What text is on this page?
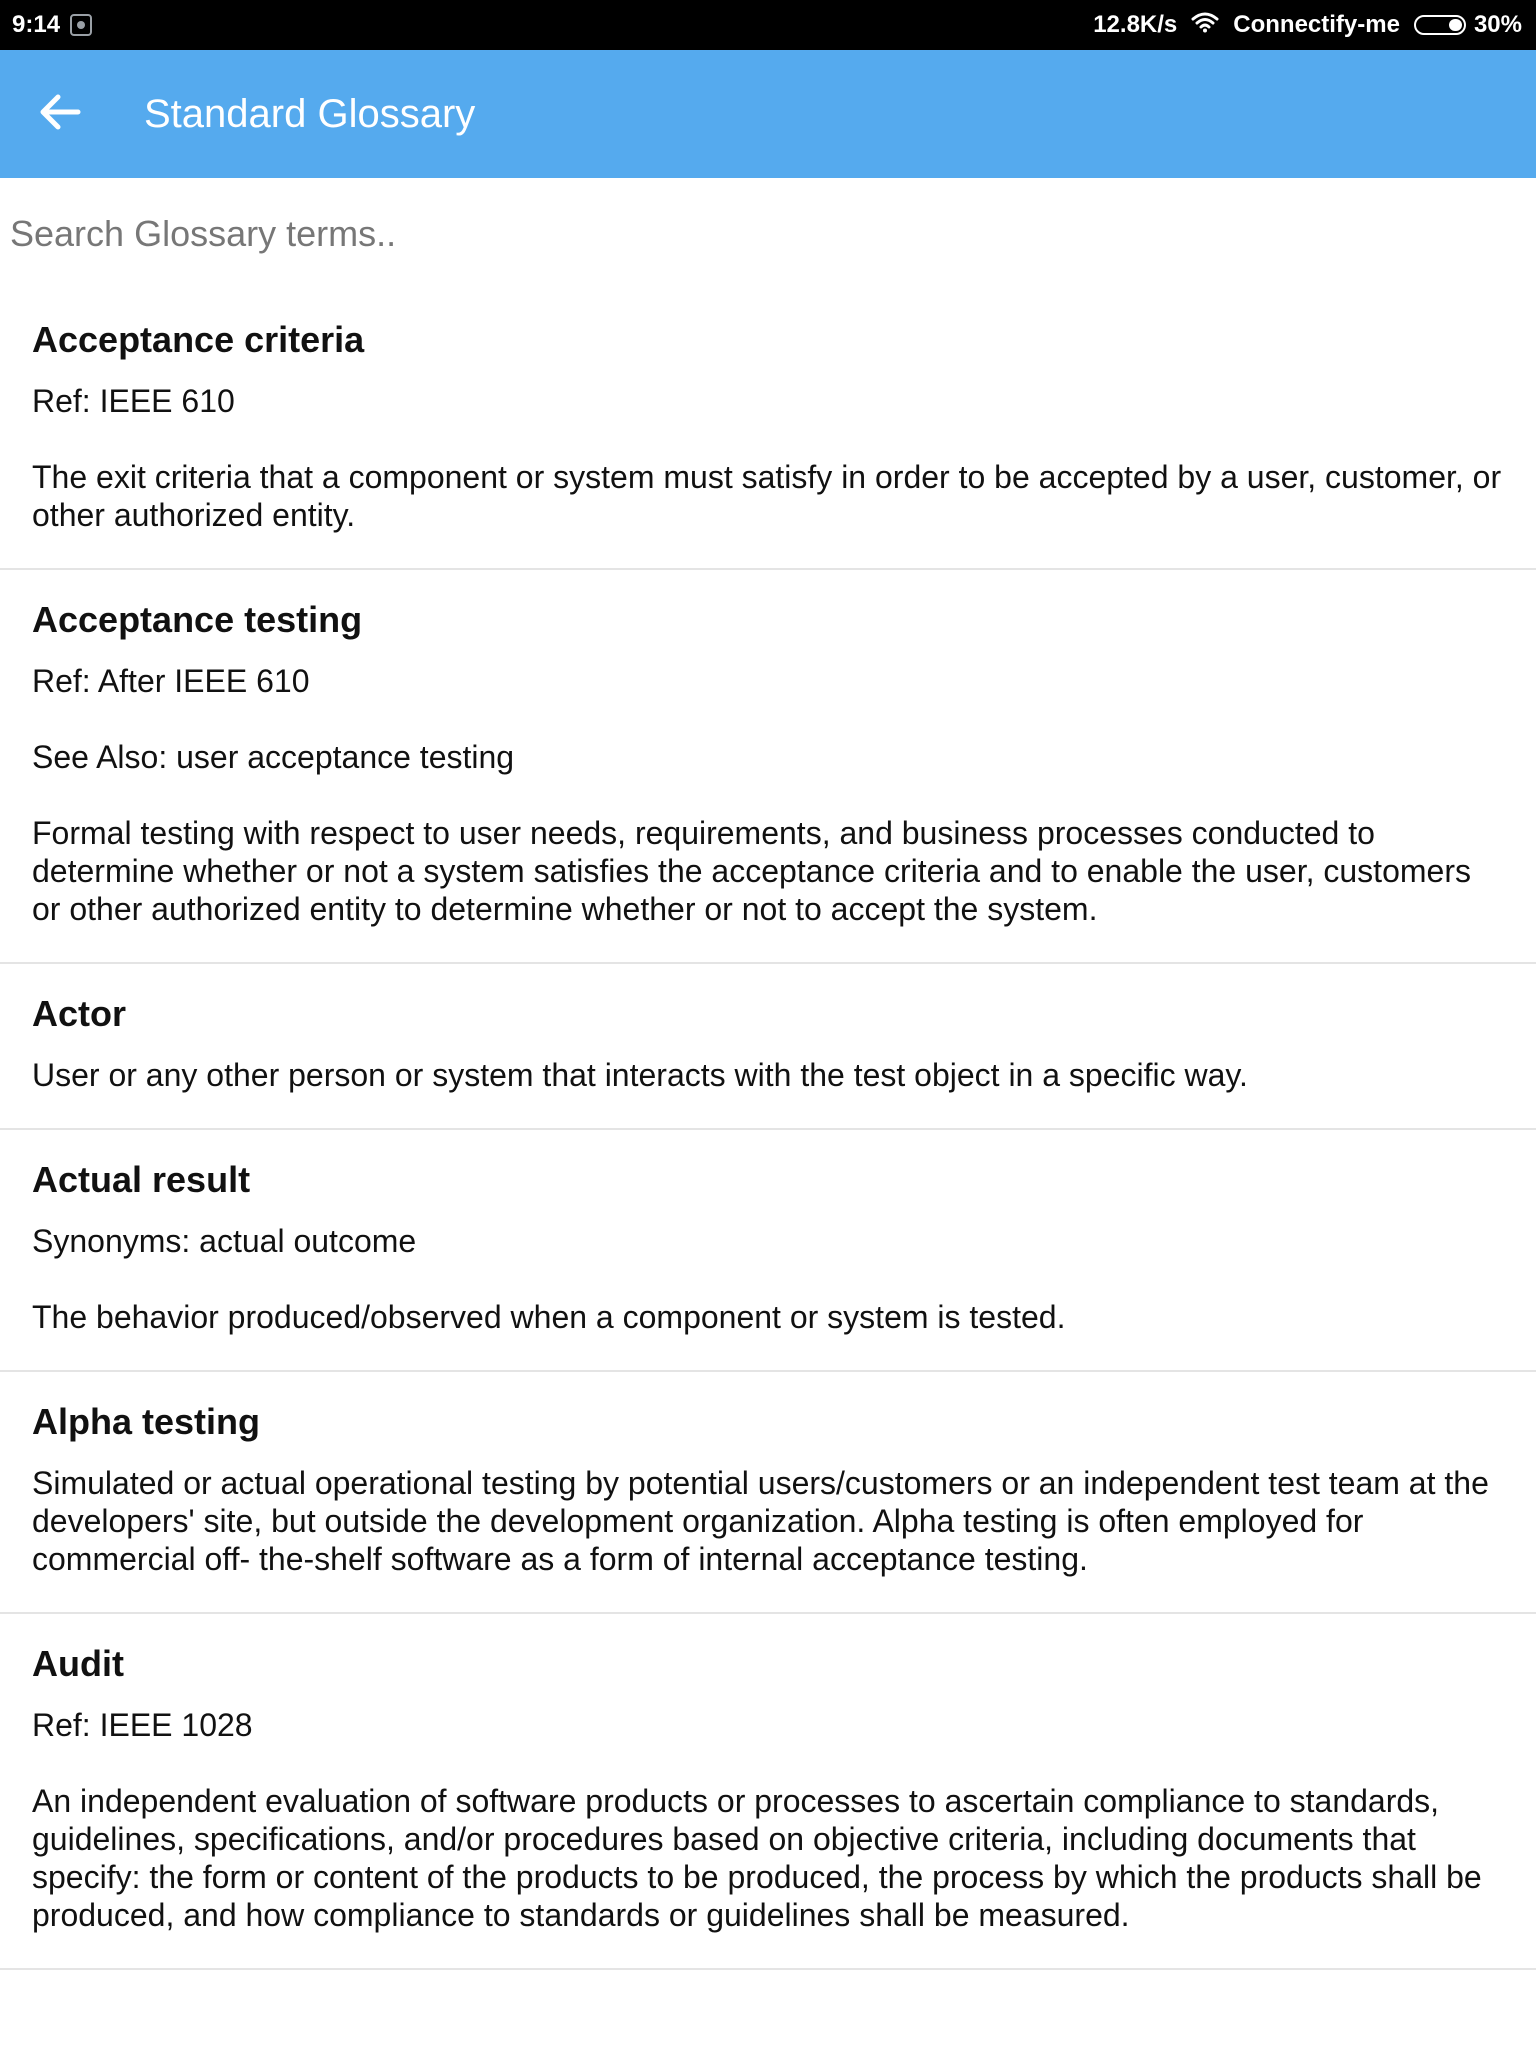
9:14	12.8K/s Connectify-me	30%
Standard Glossary
Search Glossary terms..
Acceptance criteria
Ref: IEEE 610
The exit criteria that a component or system must satisfy in order to be accepted by a user, customer, or other authorized entity.
Acceptance testing
Ref: After IEEE 610
See Also: user acceptance testing
Formal testing with respect to user needs, requirements, and business processes conducted to determine whether or not a system satisfies the acceptance criteria and to enable the user, customers or other authorized entity to determine whether or not to accept the system.
Actor
User or any other person or system that interacts with the test object in a specific way.
Actual result
Synonyms: actual outcome
The behavior produced/observed when a component or system is tested.
Alpha testing
Simulated or actual operational testing by potential users/customers or an independent test team at the developers' site, but outside the development organization. Alpha testing is often employed for commercial off- the-shelf software as a form of internal acceptance testing.
Audit
Ref: IEEE 1028
An independent evaluation of software products or processes to ascertain compliance to standards, guidelines, specifications, and/or procedures based on objective criteria, including documents that specify: the form or content of the products to be produced, the process by which the products shall be produced, and how compliance to standards or guidelines shall be measured.
